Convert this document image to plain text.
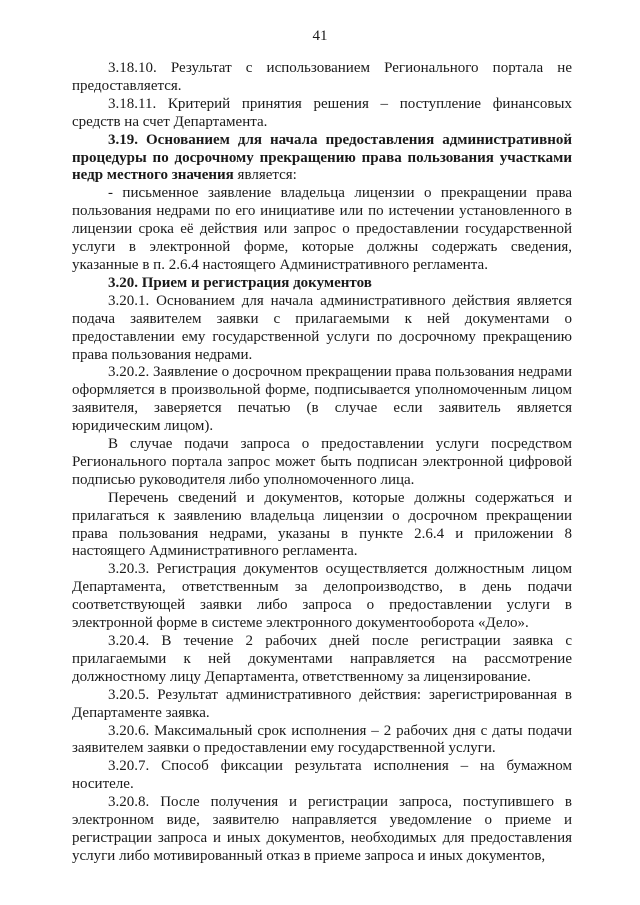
41

3.18.10. Результат с использованием Регионального портала не предоставляется.

3.18.11. Критерий принятия решения – поступление финансовых средств на счет Департамента.

3.19. Основанием для начала предоставления административной процедуры по досрочному прекращению права пользования участками недр местного значения является:

- письменное заявление владельца лицензии о прекращении права пользования недрами по его инициативе или по истечении установленного в лицензии срока её действия или запрос о предоставлении государственной услуги в электронной форме, которые должны содержать сведения, указанные в п. 2.6.4 настоящего Административного регламента.

3.20. Прием и регистрация документов

3.20.1. Основанием для начала административного действия является подача заявителем заявки с прилагаемыми к ней документами о предоставлении ему государственной услуги по досрочному прекращению права пользования недрами.

3.20.2. Заявление о досрочном прекращении права пользования недрами оформляется в произвольной форме, подписывается уполномоченным лицом заявителя, заверяется печатью (в случае если заявитель является юридическим лицом).

В случае подачи запроса о предоставлении услуги посредством Регионального портала запрос может быть подписан электронной цифровой подписью руководителя либо уполномоченного лица.

Перечень сведений и документов, которые должны содержаться и прилагаться к заявлению владельца лицензии о досрочном прекращении права пользования недрами, указаны в пункте 2.6.4 и приложении 8 настоящего Административного регламента.

3.20.3. Регистрация документов осуществляется должностным лицом Департамента, ответственным за делопроизводство, в день подачи соответствующей заявки либо запроса о предоставлении услуги в электронной форме в системе электронного документооборота «Дело».

3.20.4. В течение 2 рабочих дней после регистрации заявка с прилагаемыми к ней документами направляется на рассмотрение должностному лицу Департамента, ответственному за лицензирование.

3.20.5. Результат административного действия: зарегистрированная в Департаменте заявка.

3.20.6. Максимальный срок исполнения – 2 рабочих дня с даты подачи заявителем заявки о предоставлении ему государственной услуги.

3.20.7. Способ фиксации результата исполнения – на бумажном носителе.

3.20.8. После получения и регистрации запроса, поступившего в электронном виде, заявителю направляется уведомление о приеме и регистрации запроса и иных документов, необходимых для предоставления услуги либо мотивированный отказ в приеме запроса и иных документов,
